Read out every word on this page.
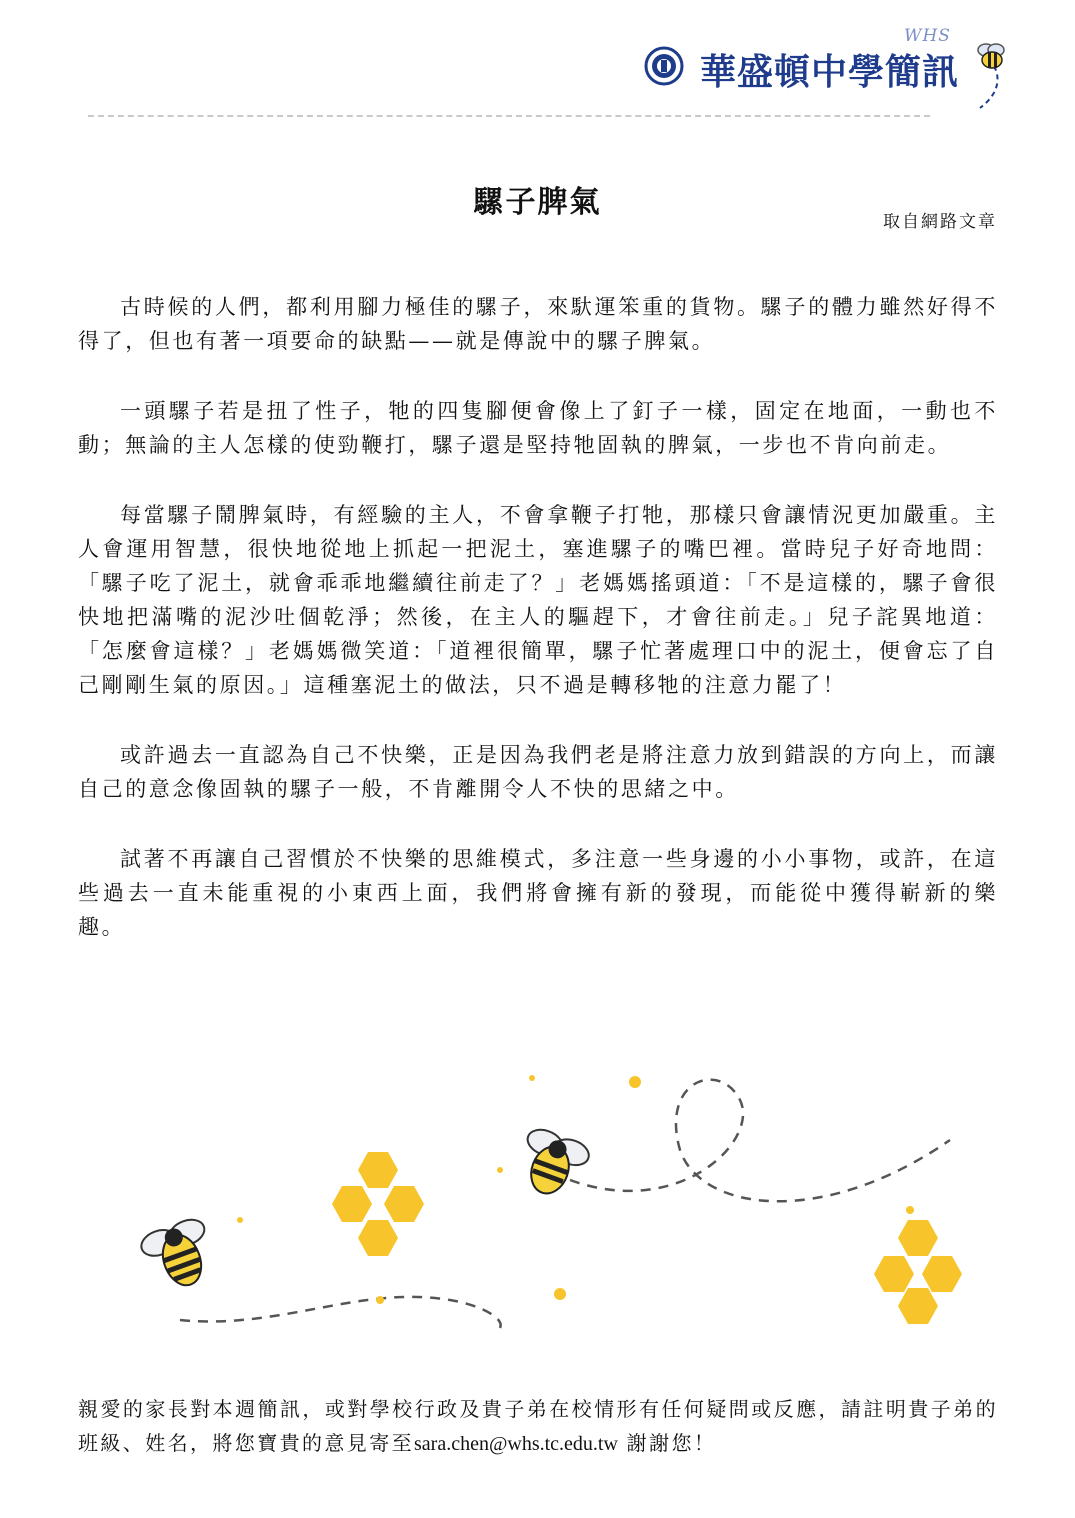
華盛頓中學簡訊
WHS
騾子脾氣
取自網路文章

古時候的人們，都利用腳力極佳的騾子，來馱運笨重的貨物。騾子的體力雖然好得不得了，但也有著一項要命的缺點——就是傳說中的騾子脾氣。

一頭騾子若是扭了性子，牠的四隻腳便會像上了釘子一樣，固定在地面，一動也不動；無論的主人怎樣的使勁鞭打，騾子還是堅持牠固執的脾氣，一步也不肯向前走。

每當騾子鬧脾氣時，有經驗的主人，不會拿鞭子打牠，那樣只會讓情況更加嚴重。主人會運用智慧，很快地從地上抓起一把泥土，塞進騾子的嘴巴裡。當時兒子好奇地問：「騾子吃了泥土，就會乖乖地繼續往前走了？」老媽媽搖頭道：「不是這樣的，騾子會很快地把滿嘴的泥沙吐個乾淨；然後，在主人的驅趕下，才會往前走。」兒子詫異地道：「怎麼會這樣？」老媽媽微笑道：「道裡很簡單，騾子忙著處理口中的泥土，便會忘了自己剛剛生氣的原因。」這種塞泥土的做法，只不過是轉移牠的注意力罷了！

或許過去一直認為自己不快樂，正是因為我們老是將注意力放到錯誤的方向上，而讓自己的意念像固執的騾子一般，不肯離開令人不快的思緒之中。

試著不再讓自己習慣於不快樂的思維模式，多注意一些身邊的小小事物，或許，在這些過去一直未能重視的小東西上面，我們將會擁有新的發現，而能從中獲得嶄新的樂趣。

親愛的家長對本週簡訊，或對學校行政及貴子弟在校情形有任何疑問或反應，請註明貴子弟的班級、姓名，將您寶貴的意見寄至sara.chen@whs.tc.edu.tw 謝謝您！
